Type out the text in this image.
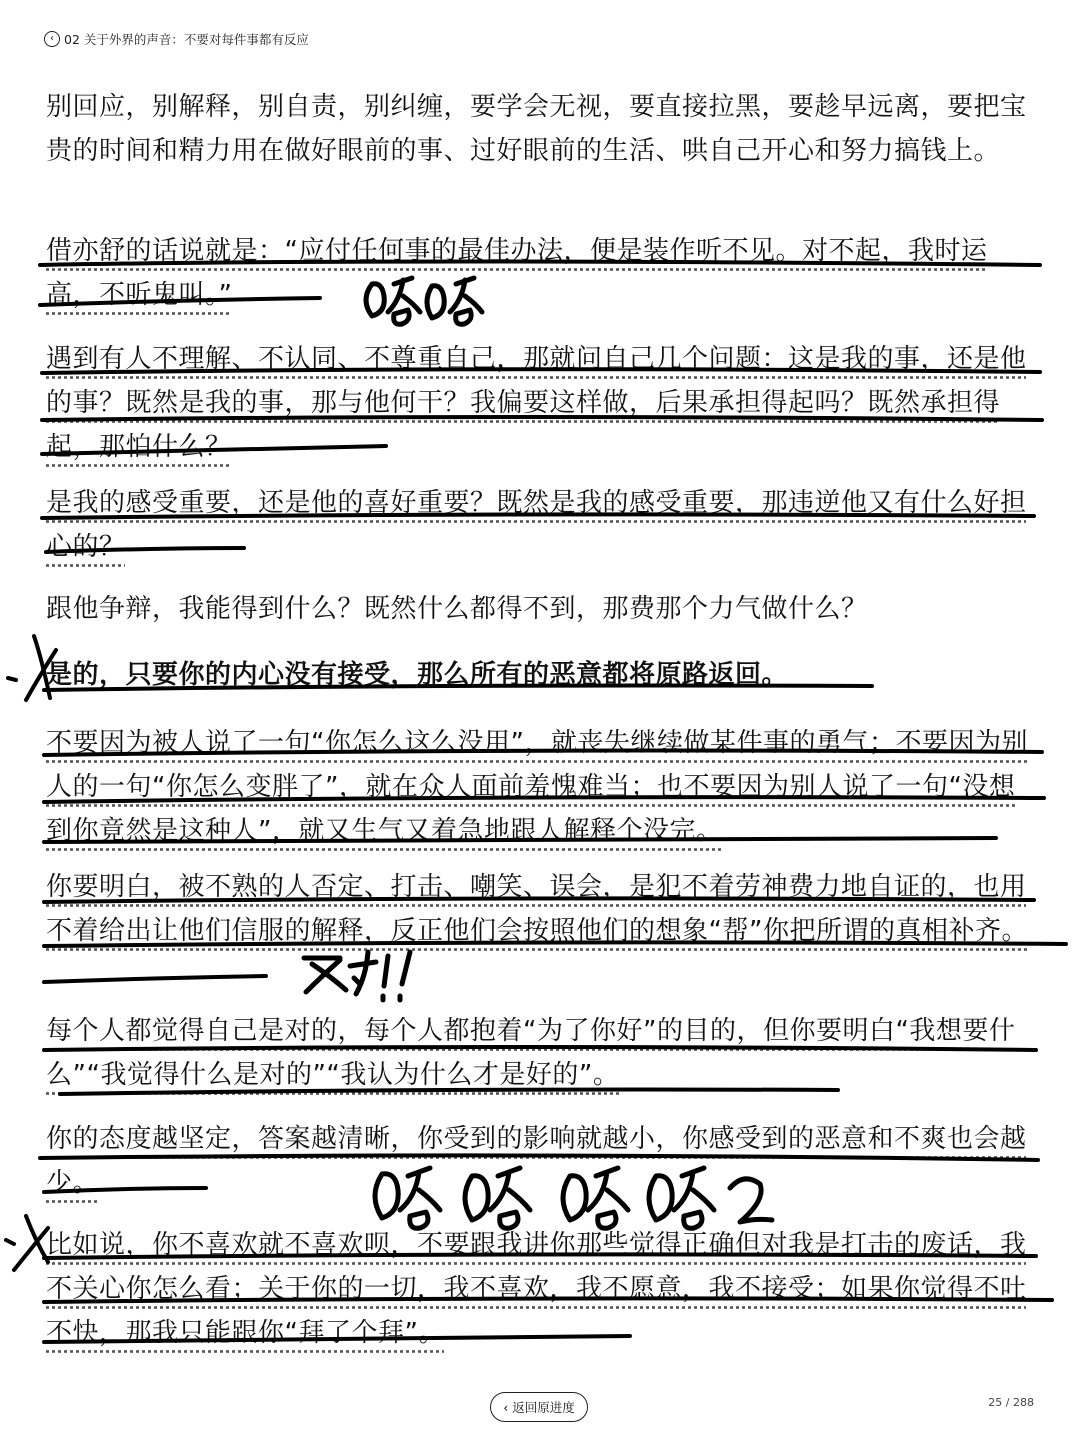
‹ 02 关于外界的声音：不要对每件事都有反应

别回应，别解释，别自责，别纠缠，要学会无视，要直接拉黑，要趁早远离，要把宝贵的时间和精力用在做好眼前的事、过好眼前的生活、哄自己开心和努力搞钱上。

借亦舒的话说就是：“应付任何事的最佳办法，便是装作听不见。对不起，我时运高，不听鬼叫。”

遇到有人不理解、不认同、不尊重自己，那就问自己几个问题：这是我的事，还是他的事？既然是我的事，那与他何干？我偏要这样做，后果承担得起吗？既然承担得起，那怕什么？

是我的感受重要，还是他的喜好重要？既然是我的感受重要，那违逆他又有什么好担心的？

跟他争辩，我能得到什么？既然什么都得不到，那费那个力气做什么？

是的，只要你的内心没有接受，那么所有的恶意都将原路返回。

不要因为被人说了一句“你怎么这么没用”，就丧失继续做某件事的勇气；不要因为别人的一句“你怎么变胖了”，就在众人面前羞愧难当；也不要因为别人说了一句“没想到你竟然是这种人”，就又生气又着急地跟人解释个没完。

你要明白，被不熟的人否定、打击、嘲笑、误会，是犯不着劳神费力地自证的，也用不着给出让他们信服的解释，反正他们会按照他们的想象“帮”你把所谓的真相补齐。

每个人都觉得自己是对的，每个人都抱着“为了你好”的目的，但你要明白“我想要什么”“我觉得什么是对的”“我认为什么才是好的”。

你的态度越坚定，答案越清晰，你受到的影响就越小，你感受到的恶意和不爽也会越少。

比如说，你不喜欢就不喜欢呗，不要跟我讲你那些觉得正确但对我是打击的废话，我不关心你怎么看；关于你的一切，我不喜欢，我不愿意，我不接受；如果你觉得不吐不快，那我只能跟你“拜了个拜”。

‹ 返回原进度	25 / 288
